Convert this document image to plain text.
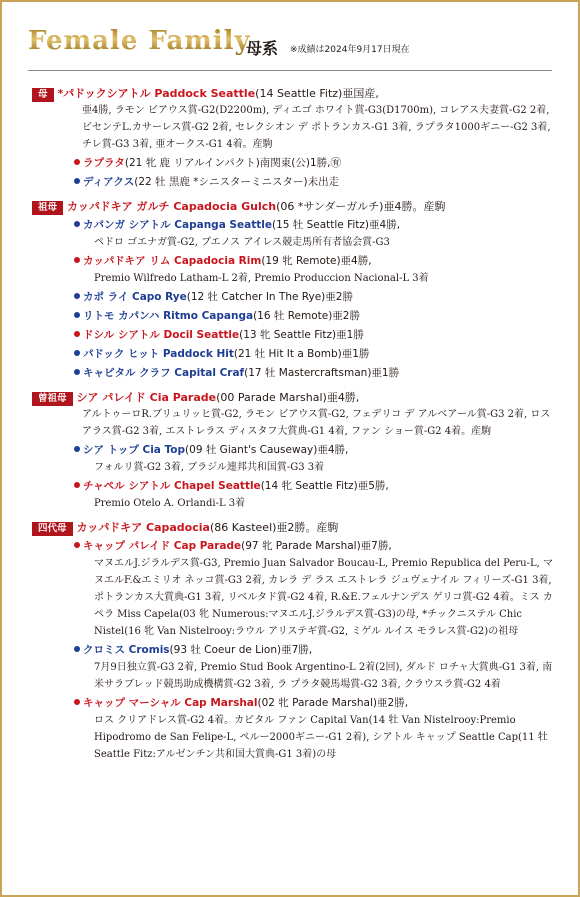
Female Family
母系 ※成績は2024年9月17日現在
母 *パドックシアトル Paddock Seattle(14 Seattle Fitz)亜国産,
亜4勝, ラモン ビアウス賞-G2(D2200m), ディエゴ ホワイト賞-G3(D1700m), コレアス夫妻賞-G2 2着, ビセンテL.カサーレス賞-G2 2着, セレクシオン デ ポトランカス-G1 3着, ラプラタ1000ギニー-G2 3着, チレ賞-G3 3着, 亜オークス-G1 4着。産駒
ラプラタ(21 牝 鹿 リアルインパクト)南関東(公)1勝,㊒
ディアクス(22 牡 黒鹿 *シニスターミニスター)未出走
祖母 カッパドキア ガルチ Capadocia Gulch(06 *サンダーガルチ)亜4勝。産駒
カパンガ シアトル Capanga Seattle(15 牡 Seattle Fitz)亜4勝,
ペドロ ゴエナガ賞-G2, ブエノス アイレス競走馬所有者協会賞-G3
カッパドキア リム Capadocia Rim(19 牝 Remote)亜4勝,
Premio Wilfredo Latham-L 2着, Premio Produccion Nacional-L 3着
カポ ライ Capo Rye(12 牡 Catcher In The Rye)亜2勝
リトモ カパンハ Ritmo Capanga(16 牡 Remote)亜2勝
ドシル シアトル Docil Seattle(13 牝 Seattle Fitz)亜1勝
パドック ヒット Paddock Hit(21 牡 Hit It a Bomb)亜1勝
キャピタル クラフ Capital Craf(17 牡 Mastercraftsman)亜1勝
曽祖母 シア パレイド Cia Parade(00 Parade Marshal)亜4勝,
アルトゥーロR.ブリュリッヒ賞-G2, ラモン ビアウス賞-G2, フェデリコ デ アルベアール賞-G3 2着, ロス アラス賞-G2 3着, エストレラス ディスタフ大賞典-G1 4着, ファン ショー賞-G2 4着。産駒
シア トップ Cia Top(09 牡 Giant's Causeway)亜4勝,
フォルリ賞-G2 3着, ブラジル連邦共和国賞-G3 3着
チャペル シアトル Chapel Seattle(14 牝 Seattle Fitz)亜5勝,
Premio Otelo A. Orlandi-L 3着
四代母 カッパドキア Capadocia(86 Kasteel)亜2勝。産駒
キャップ パレイド Cap Parade(97 牝 Parade Marshal)亜7勝,
マヌエルJ.ジラルデス賞-G3, Premio Juan Salvador Boucau-L, Premio Republica del Peru-L, マヌエルF.&エミリオ ネッコ賞-G3 2着, カレラ デ ラス エストレラ ジュヴェナイル フィリーズ-G1 3着, ポトランカス大賞典-G1 3着, リベルタド賞-G2 4着, R.&E.フェルナンデス ゲリコ賞-G2 4着。ミス カペラ Miss Capela(03 牝 Numerous:マヌエルJ.ジラルデス賞-G3)の母, *チックニステル Chic Nistel(16 牝 Van Nistelrooy:ラウル アリステギ賞-G2, ミゲル ルイス モラレス賞-G2)の祖母
クロミス Cromis(93 牡 Coeur de Lion)亜7勝,
7月9日独立賞-G3 2着, Premio Stud Book Argentino-L 2着(2回), ダルド ロチャ大賞典-G1 3着, 南米サラブレッド競馬助成機構賞-G2 3着, ラ プラタ競馬場賞-G2 3着, クラウスラ賞-G2 4着
キャップ マーシャル Cap Marshal(02 牝 Parade Marshal)亜2勝,
ロス クリアドレス賞-G2 4着。カピタル ファン Capital Van(14 牡 Van Nistelrooy:Premio Hipodromo de San Felipe-L, ペルー2000ギニー-G1 2着), シアトル キャップ Seattle Cap(11 牡 Seattle Fitz:アルゼンチン共和国大賞典-G1 3着)の母
